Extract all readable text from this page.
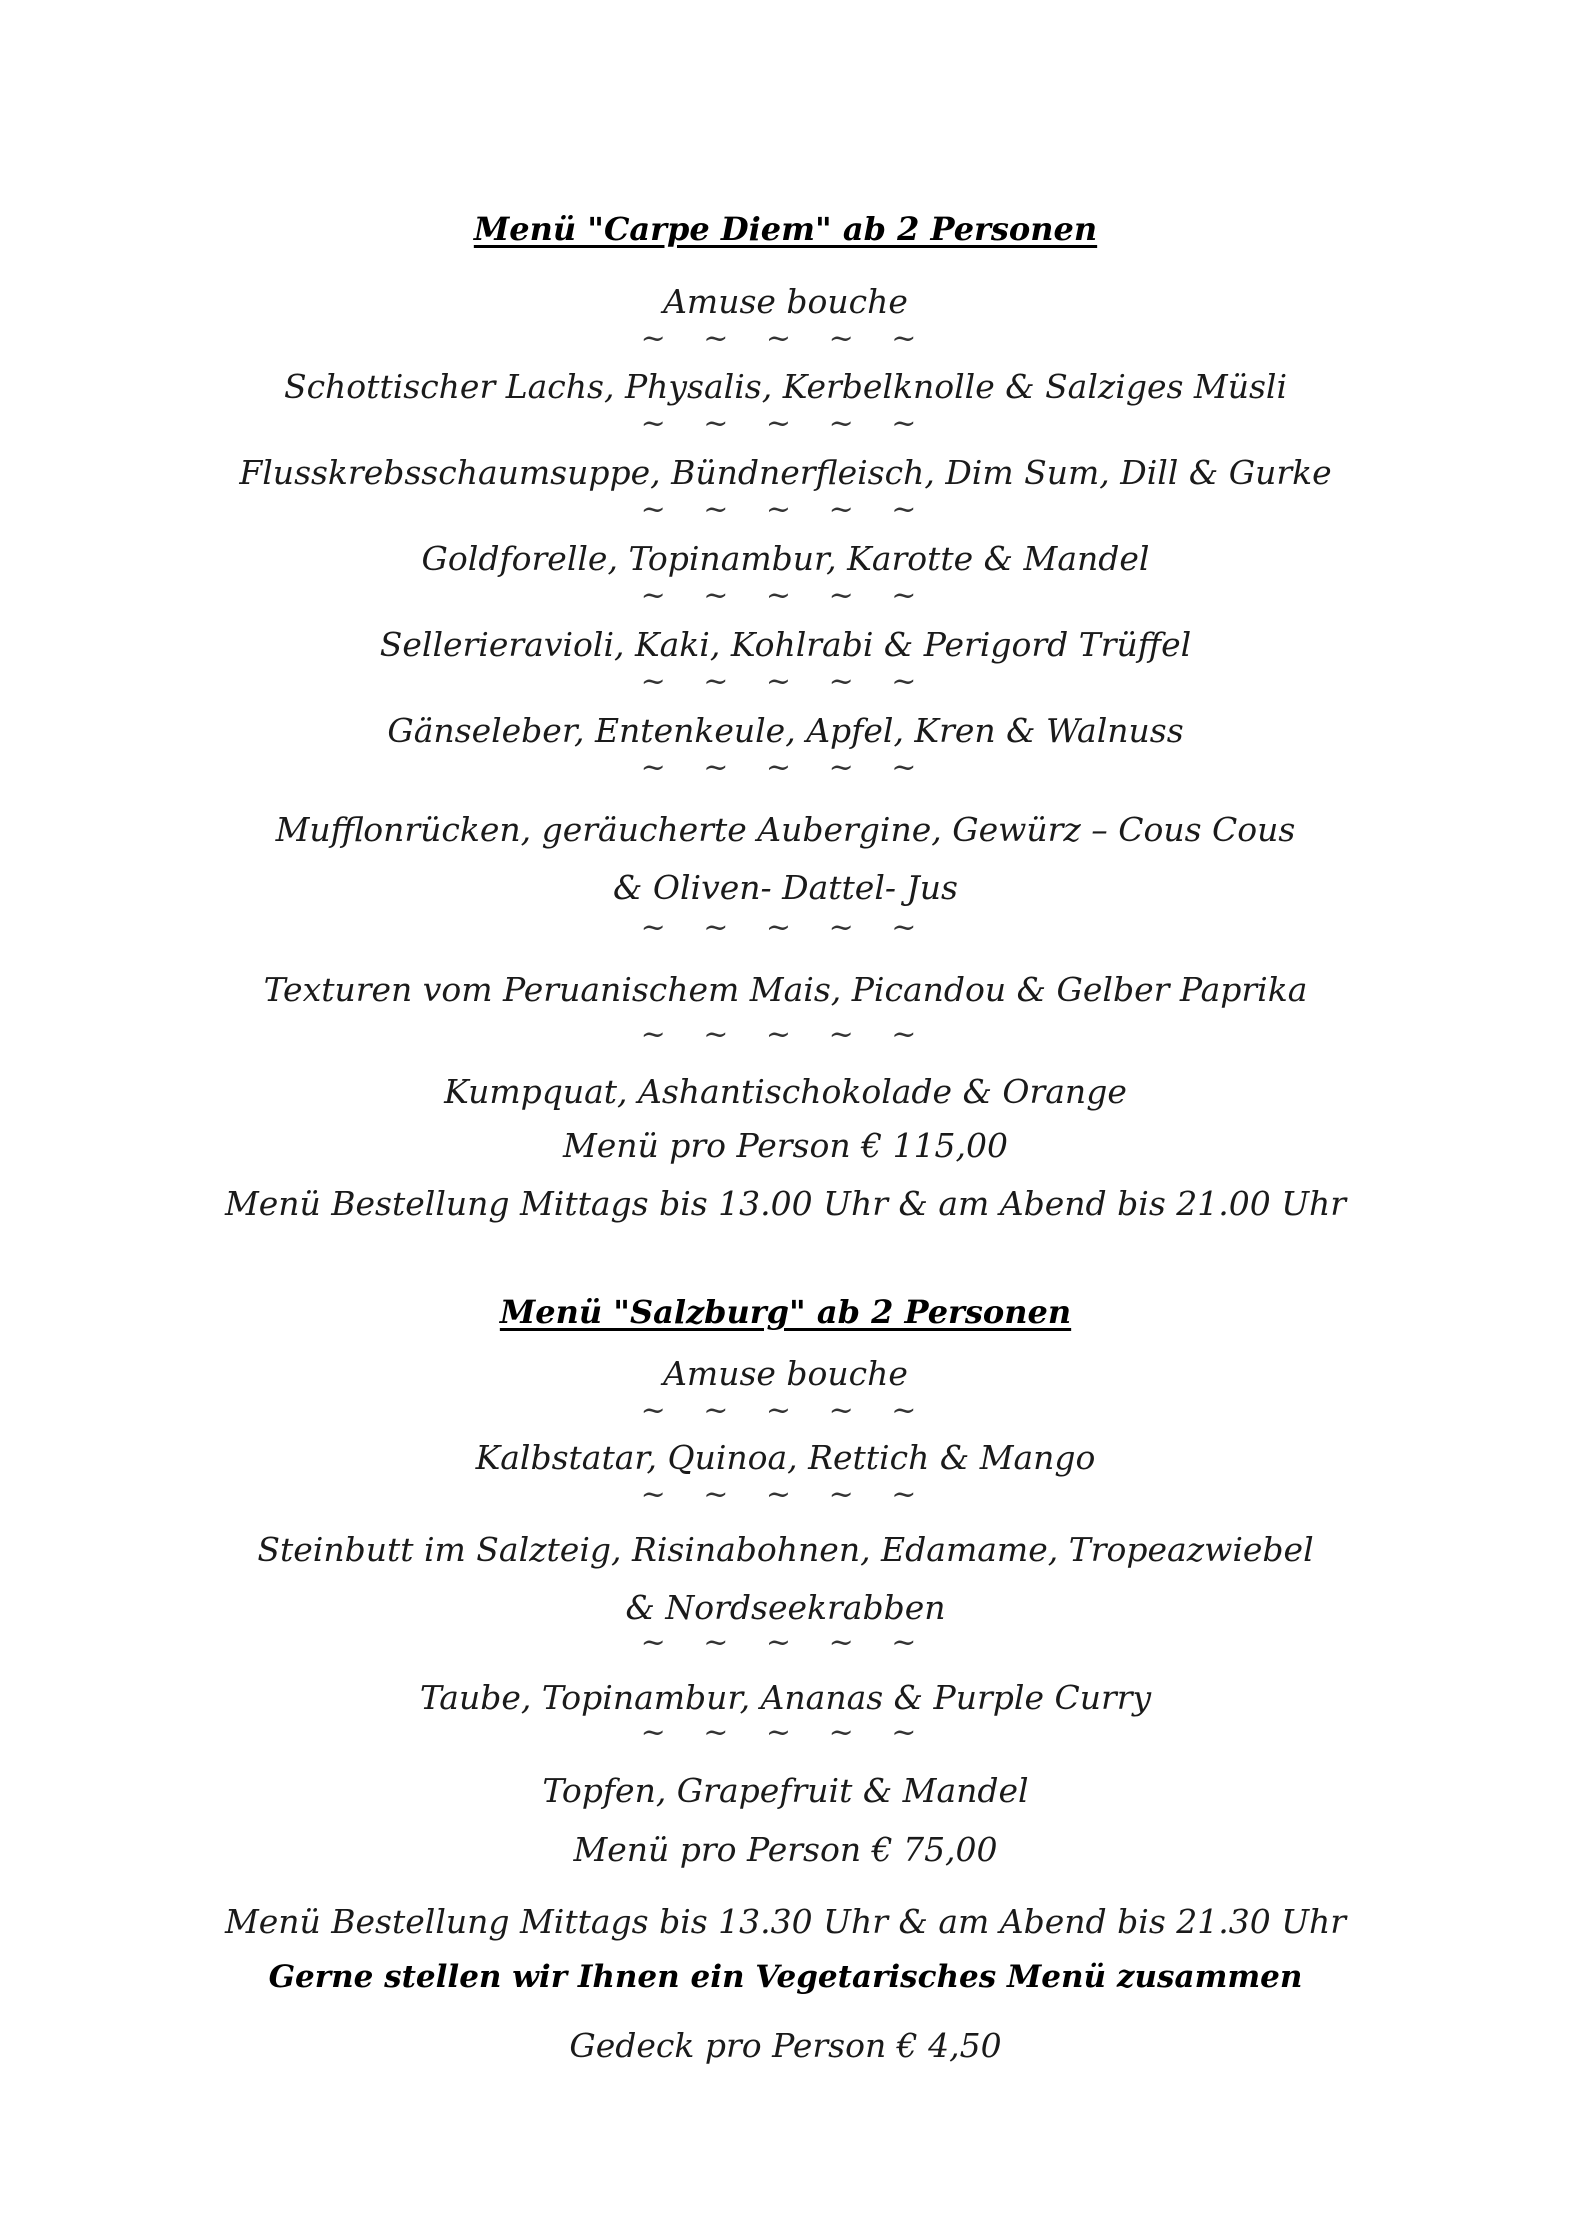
Menü "Carpe Diem" ab 2 Personen

Amuse bouche

~ ~ ~ ~ ~

Schottischer Lachs, Physalis, Kerbelknolle & Salziges Müsli

~ ~ ~ ~ ~

Flusskrebsschaumsuppe, Bündnerfleisch, Dim Sum, Dill & Gurke

~ ~ ~ ~ ~

Goldforelle, Topinambur, Karotte & Mandel

~ ~ ~ ~ ~

Sellerieravioli, Kaki, Kohlrabi & Perigord Trüffel

~ ~ ~ ~ ~

Gänseleber, Entenkeule, Apfel, Kren & Walnuss

~ ~ ~ ~ ~

Mufflonrücken, geräucherte Aubergine, Gewürz – Cous Cous

& Oliven- Dattel- Jus

~ ~ ~ ~ ~

Texturen vom Peruanischem Mais, Picandou & Gelber Paprika

~ ~ ~ ~ ~

Kumpquat, Ashantischokolade & Orange

Menü pro Person € 115,00

Menü Bestellung Mittags bis 13.00 Uhr & am Abend bis 21.00 Uhr

Menü "Salzburg" ab 2 Personen

Amuse bouche

~ ~ ~ ~ ~

Kalbstatar, Quinoa, Rettich & Mango

~ ~ ~ ~ ~

Steinbutt im Salzteig, Risinabohnen, Edamame, Tropeazwiebel

& Nordseekrabben

~ ~ ~ ~ ~

Taube, Topinambur, Ananas & Purple Curry

~ ~ ~ ~ ~

Topfen, Grapefruit & Mandel

Menü pro Person € 75,00

Menü Bestellung Mittags bis 13.30 Uhr & am Abend bis 21.30 Uhr

Gerne stellen wir Ihnen ein Vegetarisches Menü zusammen

Gedeck pro Person € 4,50
